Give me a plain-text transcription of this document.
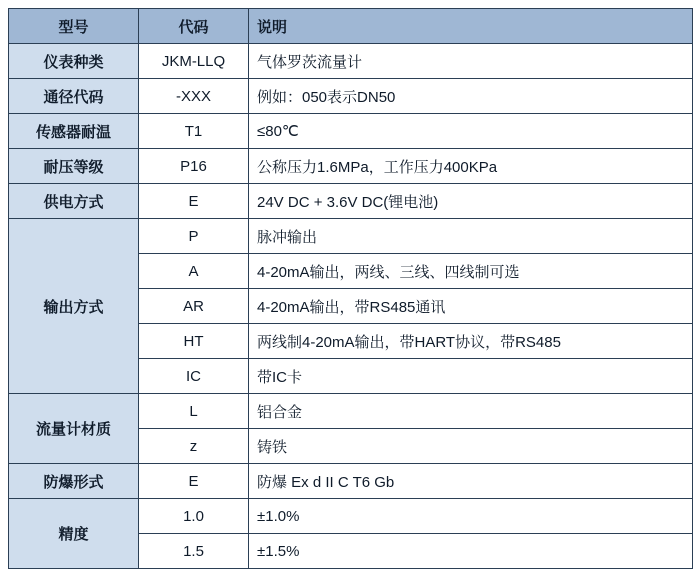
型号	代码	说明
仪表种类	JKM-LLQ	气体罗茨流量计
通径代码	-XXX	例如：050表示DN50
传感器耐温	T1	≤80℃
耐压等级	P16	公称压力1.6MPa，工作压力400KPa
供电方式	E	24V DC + 3.6V DC(锂电池)
输出方式	P	脉冲输出
	A	4-20mA输出，两线、三线、四线制可选
	AR	4-20mA输出，带RS485通讯
	HT	两线制4-20mA输出，带HART协议，带RS485
	IC	带IC卡
流量计材质	L	铝合金
	z	铸铁
防爆形式	E	防爆 Ex d II C T6 Gb
精度	1.0	±1.0%
	1.5	±1.5%
